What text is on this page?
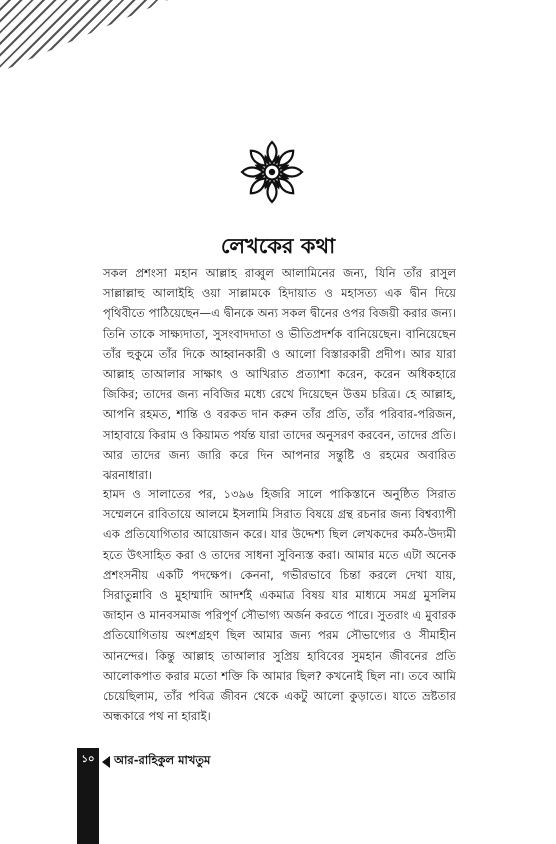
লেখকের কথা

সকল প্রশংসা মহান আল্লাহ রাব্বুল আলামিনের জন্য, যিনি তাঁর রাসুল সাল্লাল্লাহু আলাইহি ওয়া সাল্লামকে হিদায়াত ও মহাসত্য এক দ্বীন দিয়ে পৃথিবীতে পাঠিয়েছেন—এ দ্বীনকে অন্য সকল দ্বীনের ওপর বিজয়ী করার জন্য। তিনি তাকে সাক্ষ্যদাতা, সুসংবাদদাতা ও ভীতিপ্রদর্শক বানিয়েছেন। বানিয়েছেন তাঁর হুকুমে তাঁর দিকে আহ্বানকারী ও আলো বিস্তারকারী প্রদীপ। আর যারা আল্লাহ তাআলার সাক্ষাৎ ও আখিরাত প্রত্যাশা করেন, করেন অধিকহারে জিকির; তাদের জন্য নবিজির মধ্যে রেখে দিয়েছেন উত্তম চরিত্র। হে আল্লাহ, আপনি রহমত, শান্তি ও বরকত দান করুন তাঁর প্রতি, তাঁর পরিবার-পরিজন, সাহাবায়ে কিরাম ও কিয়ামত পর্যন্ত যারা তাদের অনুসরণ করবেন, তাদের প্রতি। আর তাদের জন্য জারি করে দিন আপনার সন্তুষ্টি ও রহমের অবারিত ঝরনাধারা।

হামদ ও সালাতের পর, ১৩৯৬ হিজরি সালে পাকিস্তানে অনুষ্ঠিত সিরাত সম্মেলনে রাবিতায়ে আলমে ইসলামি সিরাত বিষয়ে গ্রন্থ রচনার জন্য বিশ্বব্যাপী এক প্রতিযোগিতার আয়োজন করে। যার উদ্দেশ্য ছিল লেখকদের কর্মঠ-উদ্যমী হতে উৎসাহিত করা ও তাদের সাধনা সুবিন্যস্ত করা। আমার মতে এটা অনেক প্রশংসনীয় একটি পদক্ষেপ। কেননা, গভীরভাবে চিন্তা করলে দেখা যায়, সিরাতুন্নাবি ও মুহাম্মাদি আদর্শই একমাত্র বিষয় যার মাধ্যমে সমগ্র মুসলিম জাহান ও মানবসমাজ পরিপূর্ণ সৌভাগ্য অর্জন করতে পারে। সুতরাং এ মুবারক প্রতিযোগিতায় অংশগ্রহণ ছিল আমার জন্য পরম সৌভাগ্যের ও সীমাহীন আনন্দের। কিন্তু আল্লাহ তাআলার সুপ্রিয় হাবিবের সুমহান জীবনের প্রতি আলোকপাত করার মতো শক্তি কি আমার ছিল? কখনোই ছিল না। তবে আমি চেয়েছিলাম, তাঁর পবিত্র জীবন থেকে একটু আলো কুড়াতে। যাতে ভ্রষ্টতার অন্ধকারে পথ না হারাই।

১০	আর-রাহিকুল মাখতুম
